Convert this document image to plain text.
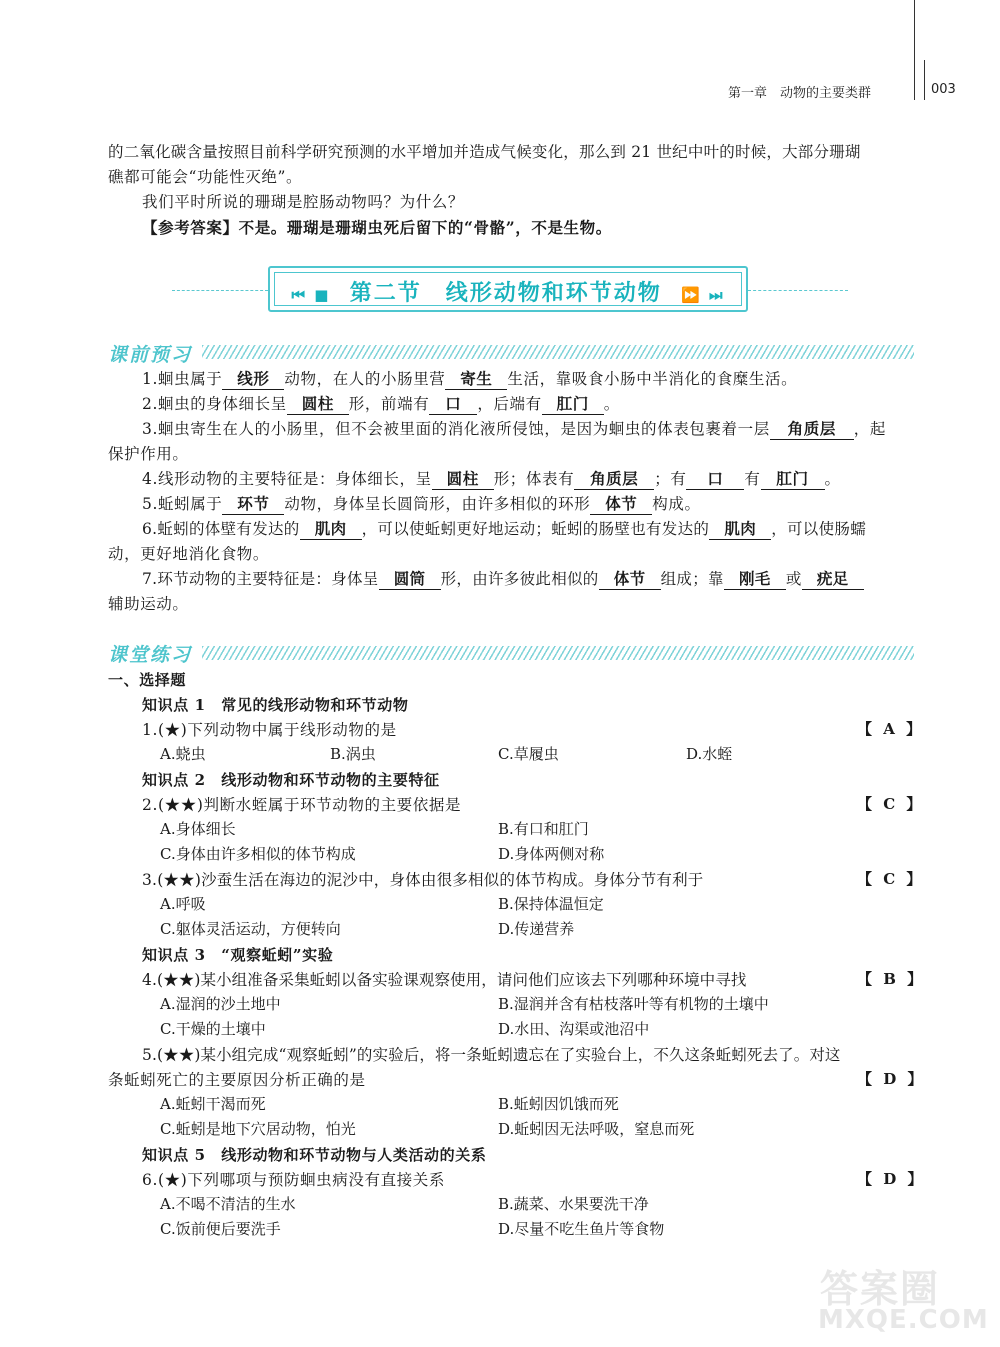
第一章　动物的主要类群	003
的二氧化碳含量按照目前科学研究预测的水平增加并造成气候变化，那么到 21 世纪中叶的时候，大部分珊瑚
礁都可能会“功能性灭绝”。
我们平时所说的珊瑚是腔肠动物吗？为什么？
【参考答案】不是。珊瑚是珊瑚虫死后留下的“骨骼”，不是生物。
⏮ ■ 第二节　线形动物和环节动物 ⏩ ⏭
课前预习
1.蛔虫属于 线形 动物，在人的小肠里营 寄生 生活，靠吸食小肠中半消化的食糜生活。
2.蛔虫的身体细长呈 圆柱 形，前端有 口 ，后端有 肛门 。
3.蛔虫寄生在人的小肠里，但不会被里面的消化液所侵蚀，是因为蛔虫的体表包裹着一层 角质层 ，起
保护作用。
4.线形动物的主要特征是：身体细长，呈 圆柱 形；体表有 角质层 ；有 口 有 肛门 。
5.蚯蚓属于 环节 动物，身体呈长圆筒形，由许多相似的环形 体节 构成。
6.蚯蚓的体壁有发达的 肌肉 ，可以使蚯蚓更好地运动；蚯蚓的肠壁也有发达的 肌肉 ，可以使肠蠕
动，更好地消化食物。
7.环节动物的主要特征是：身体呈 圆筒 形，由许多彼此相似的 体节 组成；靠 刚毛 或 疣足
辅助运动。
课堂练习
一、选择题
知识点 1　常见的线形动物和环节动物
1.(★)下列动物中属于线形动物的是	【 A 】
A.蛲虫	B.涡虫	C.草履虫	D.水蛭
知识点 2　线形动物和环节动物的主要特征
2.(★★)判断水蛭属于环节动物的主要依据是	【 C 】
A.身体细长	B.有口和肛门
C.身体由许多相似的体节构成	D.身体两侧对称
3.(★★)沙蚕生活在海边的泥沙中，身体由很多相似的体节构成。身体分节有利于	【 C 】
A.呼吸	B.保持体温恒定
C.躯体灵活运动，方便转向	D.传递营养
知识点 3　“观察蚯蚓”实验
4.(★★)某小组准备采集蚯蚓以备实验课观察使用，请问他们应该去下列哪种环境中寻找	【 B 】
A.湿润的沙土地中	B.湿润并含有枯枝落叶等有机物的土壤中
C.干燥的土壤中	D.水田、沟渠或池沼中
5.(★★)某小组完成“观察蚯蚓”的实验后，将一条蚯蚓遗忘在了实验台上，不久这条蚯蚓死去了。对这
条蚯蚓死亡的主要原因分析正确的是	【 D 】
A.蚯蚓干渴而死	B.蚯蚓因饥饿而死
C.蚯蚓是地下穴居动物，怕光	D.蚯蚓因无法呼吸，窒息而死
知识点 5　线形动物和环节动物与人类活动的关系
6.(★)下列哪项与预防蛔虫病没有直接关系	【 D 】
A.不喝不清洁的生水	B.蔬菜、水果要洗干净
C.饭前便后要洗手	D.尽量不吃生鱼片等食物
答案圈
MXQE.COM
